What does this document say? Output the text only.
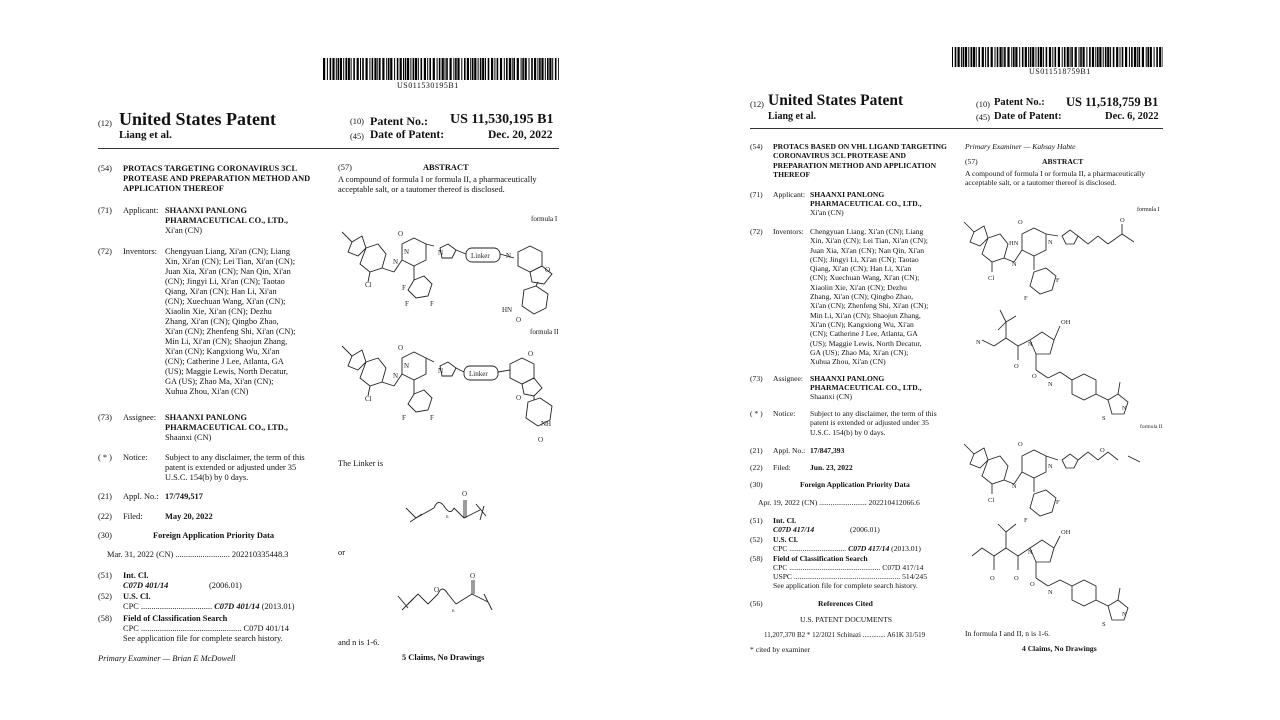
US011530195B1
(12) United States Patent
Liang et al.
(10) Patent No.: US 11,530,195 B1
(45) Date of Patent:	Dec. 20, 2022
(54) PROTACS TARGETING CORONAVIRUS 3CL PROTEASE AND PREPARATION METHOD AND APPLICATION THEREOF
(71) Applicant: SHAANXI PANLONG PHARMACEUTICAL CO., LTD.,
Xi'an (CN)
(72) Inventors: Chengyuan Liang, Xi'an (CN); Liang
Xin, Xi'an (CN); Lei Tian, Xi'an (CN);
Juan Xia, Xi'an (CN); Nan Qin, Xi'an
(CN); Jingyi Li, Xi'an (CN); Taotao
Qiang, Xi'an (CN); Han Li, Xi'an
(CN); Xuechuan Wang, Xi'an (CN);
Xiaolin Xie, Xi'an (CN); Dezhu
Zhang, Xi'an (CN); Qingbo Zhao,
Xi'an (CN); Zhenfeng Shi, Xi'an (CN);
Min Li, Xi'an (CN); Shaojun Zhang,
Xi'an (CN); Kangxiong Wu, Xi'an
(CN); Catherine J Lee, Atlanta, GA
(US); Maggie Lewis, North Decatur,
GA (US); Zhao Ma, Xi'an (CN);
Xuhua Zhou, Xi'an (CN)
(73) Assignee: SHAANXI PANLONG PHARMACEUTICAL CO., LTD.,
Shaanxi (CN)
( * ) Notice: Subject to any disclaimer, the term of this
patent is extended or adjusted under 35
U.S.C. 154(b) by 0 days.
(21) Appl. No.: 17/749,517
(22) Filed:	May 20, 2022
(30)	Foreign Application Priority Data
Mar. 31, 2022 (CN) .......................... 202210335448.3
(51) Int. Cl.
C07D 401/14	(2006.01)
(52) U.S. Cl.
CPC .................................. C07D 401/14 (2013.01)
(58) Field of Classification Search
CPC ................................................ C07D 401/14
See application file for complete search history.
Primary Examiner — Brian E McDowell
(57)	ABSTRACT
A compound of formula I or formula II, a pharmaceutically acceptable salt, or a tautomer thereof is disclosed.
formula I
O
N
N
Cl	F
F
F
N	Linker N
O
O
HN
formula II
O
N
N
Cl
F	F
N	Linker
O
NH
O
O
The Linker is
O
n
or
O
O
n
and n is 1-6.
5 Claims, No Drawings
US011518759B1
(12) United States Patent
Liang et al.
(10) Patent No.: US 11,518,759 B1
(45) Date of Patent:	Dec. 6, 2022
(54) PROTACS BASED ON VHL LIGAND TARGETING CORONAVIRUS 3CL PROTEASE AND PREPARATION METHOD AND APPLICATION THEREOF
(71) Applicant: SHAANXI PANLONG PHARMACEUTICAL CO., LTD.,
Xi'an (CN)
(72) Inventors: Chengyuan Liang, Xi'an (CN); Liang
Xin, Xi'an (CN); Lei Tian, Xi'an (CN);
Juan Xia, Xi'an (CN); Nan Qin, Xi'an
(CN); Jingyi Li, Xi'an (CN); Taotao
Qiang, Xi'an (CN); Han Li, Xi'an
(CN); Xuechuan Wang, Xi'an (CN);
Xiaolin Xie, Xi'an (CN); Dezhu
Zhang, Xi'an (CN); Qingbo Zhao,
Xi'an (CN); Zhenfeng Shi, Xi'an (CN);
Min Li, Xi'an (CN); Shaojun Zhang,
Xi'an (CN); Kangxiong Wu, Xi'an
(CN); Catherine J Lee, Atlanta, GA
(US); Maggie Lewis, North Decatur,
GA (US); Zhao Ma, Xi'an (CN);
Xuhua Zhou, Xi'an (CN)
(73) Assignee: SHAANXI PANLONG PHARMACEUTICAL CO., LTD.,
Shaanxi (CN)
( * ) Notice: Subject to any disclaimer, the term of this
patent is extended or adjusted under 35
U.S.C. 154(b) by 0 days.
(21) Appl. No.: 17/847,393
(22) Filed:	Jun. 23, 2022
(30)	Foreign Application Priority Data
Apr. 19, 2022 (CN) ......................... 202210412066.6
(51) Int. Cl.
C07D 417/14	(2006.01)
(52) U.S. Cl.
CPC .............................. C07D 417/14 (2013.01)
(58) Field of Classification Search
CPC ................................................ C07D 417/14
USPC ........................................................ 514/245
See application file for complete search history.
(56)	References Cited
U.S. PATENT DOCUMENTS
11,207,370 B2 * 12/2021 Schinazi ............. A61K 31/519
* cited by examiner
Primary Examiner — Kahsay Habte
(57)	ABSTRACT
A compound of formula I or formula II, a pharmaceutically acceptable salt, or a tautomer thereof is disclosed.
formula I
O
HN
N
N
Cl
F
F
O
OH
O
N
O
N
S
N
N
formula II
O
N
N
Cl
F
F
O
OH
O	O
N
O
N
S
N
In formula I and II, n is 1-6.
4 Claims, No Drawings
